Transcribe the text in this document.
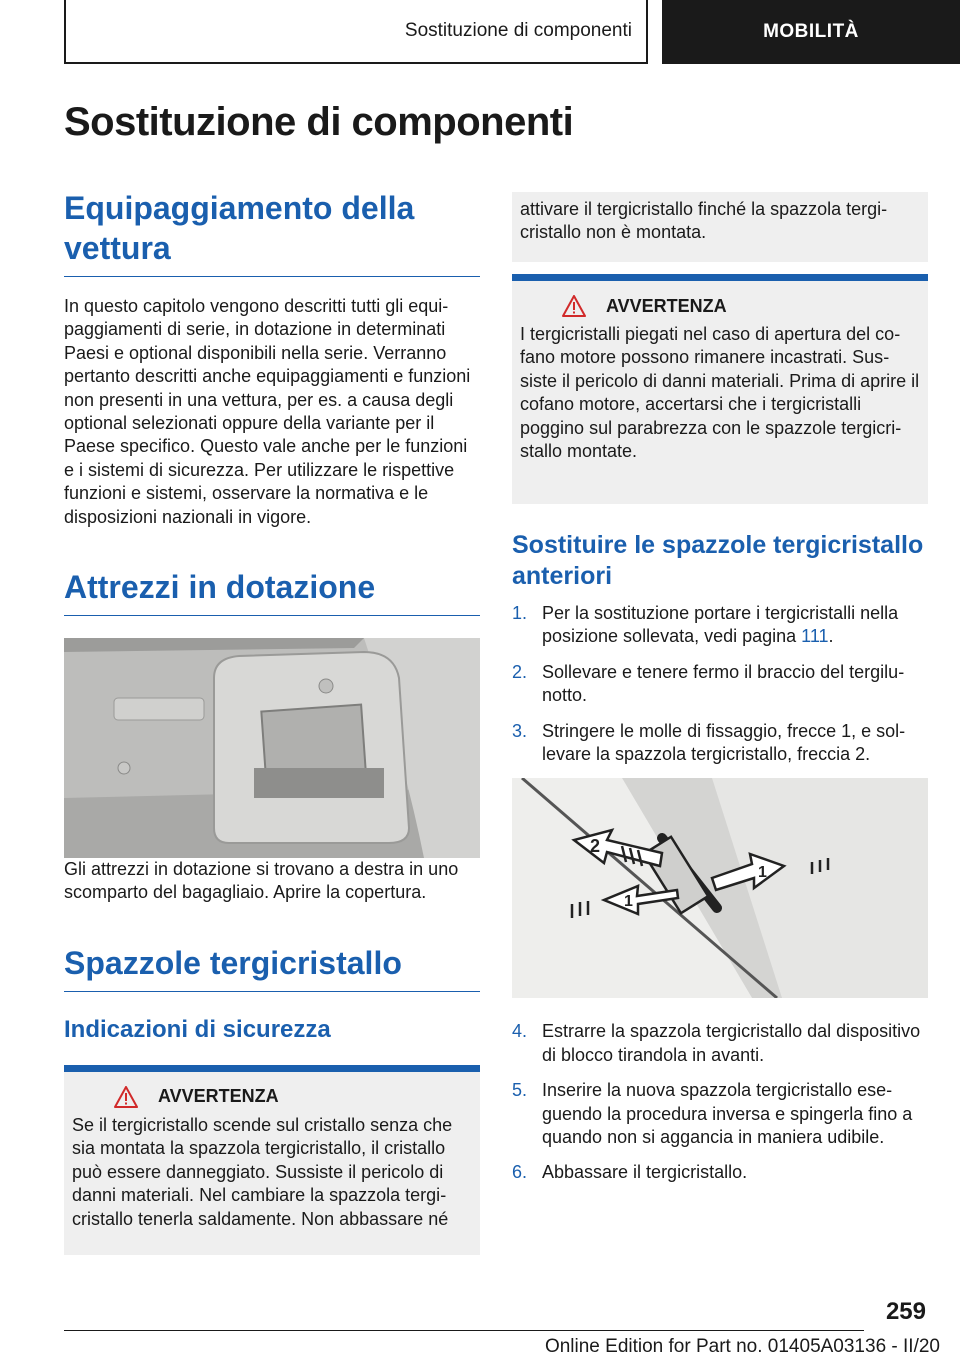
Sostituzione di componenti	MOBILITÀ
Sostituzione di componenti
Equipaggiamento della vettura

In questo capitolo vengono descritti tutti gli equipaggiamenti di serie, in dotazione in determinati Paesi e optional disponibili nella serie. Verranno pertanto descritti anche equipaggiamenti e funzioni non presenti in una vettura, per es. a causa degli optional selezionati oppure della variante per il Paese specifico. Questo vale anche per le funzioni e i sistemi di sicurezza. Per utilizzare le rispettive funzioni e sistemi, osservare la normativa e le disposizioni nazionali in vigore.

Attrezzi in dotazione

Gli attrezzi in dotazione si trovano a destra in uno scomparto del bagagliaio. Aprire la copertura.

Spazzole tergicristallo
Indicazioni di sicurezza
AVVERTENZA

Se il tergicristallo scende sul cristallo senza che sia montata la spazzola tergicristallo, il cristallo può essere danneggiato. Sussiste il pericolo di danni materiali. Nel cambiare la spazzola tergicristallo tenerla saldamente. Non abbassare né

attivare il tergicristallo finché la spazzola tergicristallo non è montata.

AVVERTENZA

I tergicristalli piegati nel caso di apertura del cofano motore possono rimanere incastrati. Sussiste il pericolo di danni materiali. Prima di aprire il cofano motore, accertarsi che i tergicristalli poggino sul parabrezza con le spazzole tergicristallo montate.

Sostituire le spazzole tergicristallo anteriori
1. Per la sostituzione portare i tergicristalli nella posizione sollevata, vedi pagina 111.
2. Sollevare e tenere fermo il braccio del tergilunotto.
3. Stringere le molle di fissaggio, frecce 1, e sollevare la spazzola tergicristallo, freccia 2.
2
1
1
4. Estrarre la spazzola tergicristallo dal dispositivo di blocco tirandola in avanti.
5. Inserire la nuova spazzola tergicristallo eseguendo la procedura inversa e spingerla fino a quando non si aggancia in maniera udibile.
6. Abbassare il tergicristallo.
259
Online Edition for Part no. 01405A03136 - II/20
